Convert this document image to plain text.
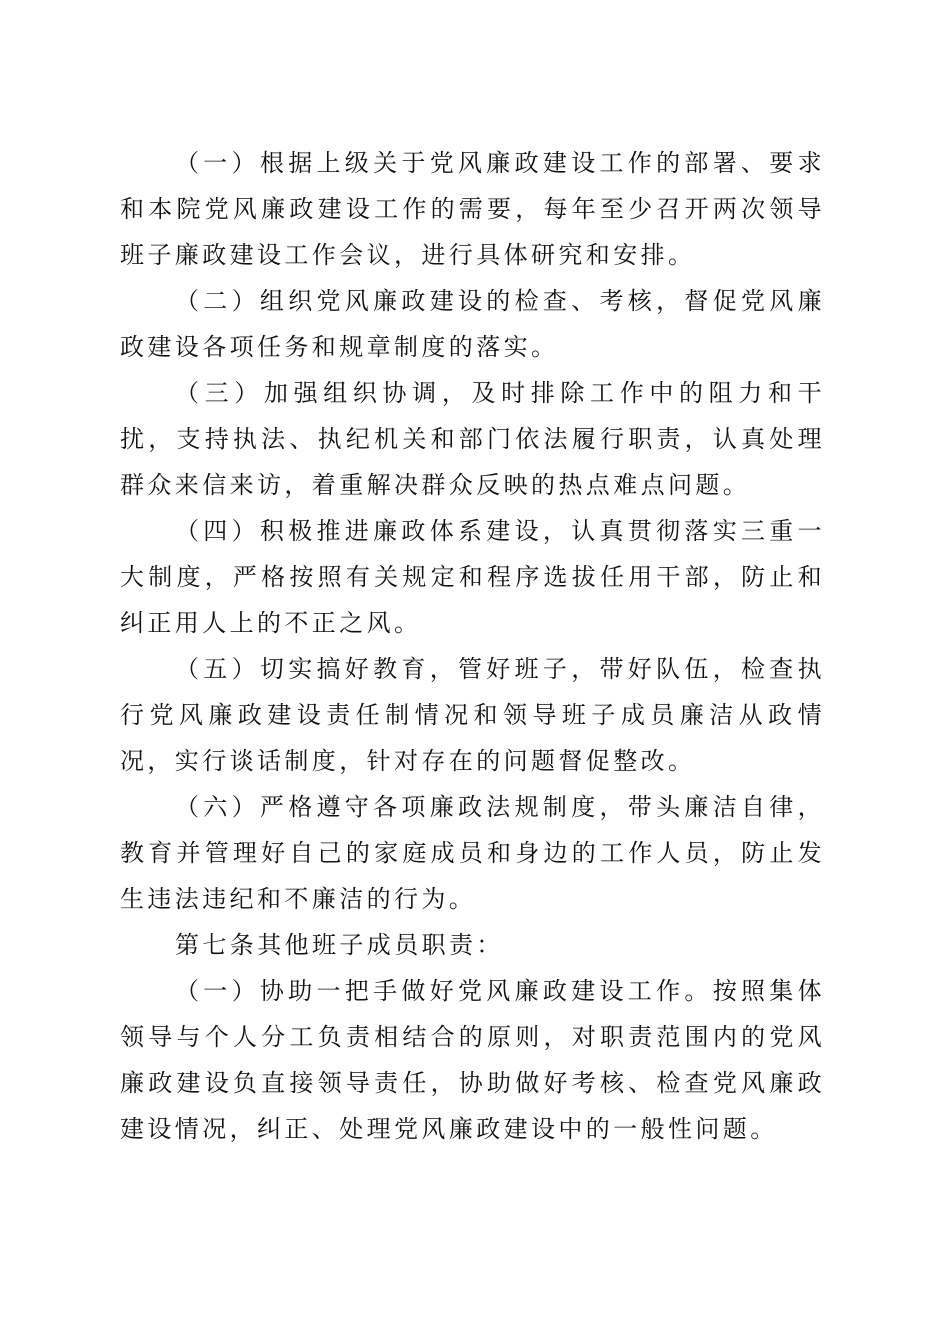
（一）根据上级关于党风廉政建设工作的部署、要求和本院党风廉政建设工作的需要，每年至少召开两次领导班子廉政建设工作会议，进行具体研究和安排。

（二）组织党风廉政建设的检查、考核，督促党风廉政建设各项任务和规章制度的落实。

（三）加强组织协调，及时排除工作中的阻力和干扰，支持执法、执纪机关和部门依法履行职责，认真处理群众来信来访，着重解决群众反映的热点难点问题。

（四）积极推进廉政体系建设，认真贯彻落实三重一大制度，严格按照有关规定和程序选拔任用干部，防止和纠正用人上的不正之风。

（五）切实搞好教育，管好班子，带好队伍，检查执行党风廉政建设责任制情况和领导班子成员廉洁从政情况，实行谈话制度，针对存在的问题督促整改。

（六）严格遵守各项廉政法规制度，带头廉洁自律，教育并管理好自己的家庭成员和身边的工作人员，防止发生违法违纪和不廉洁的行为。

第七条其他班子成员职责：

（一）协助一把手做好党风廉政建设工作。按照集体领导与个人分工负责相结合的原则，对职责范围内的党风廉政建设负直接领导责任，协助做好考核、检查党风廉政建设情况，纠正、处理党风廉政建设中的一般性问题。
